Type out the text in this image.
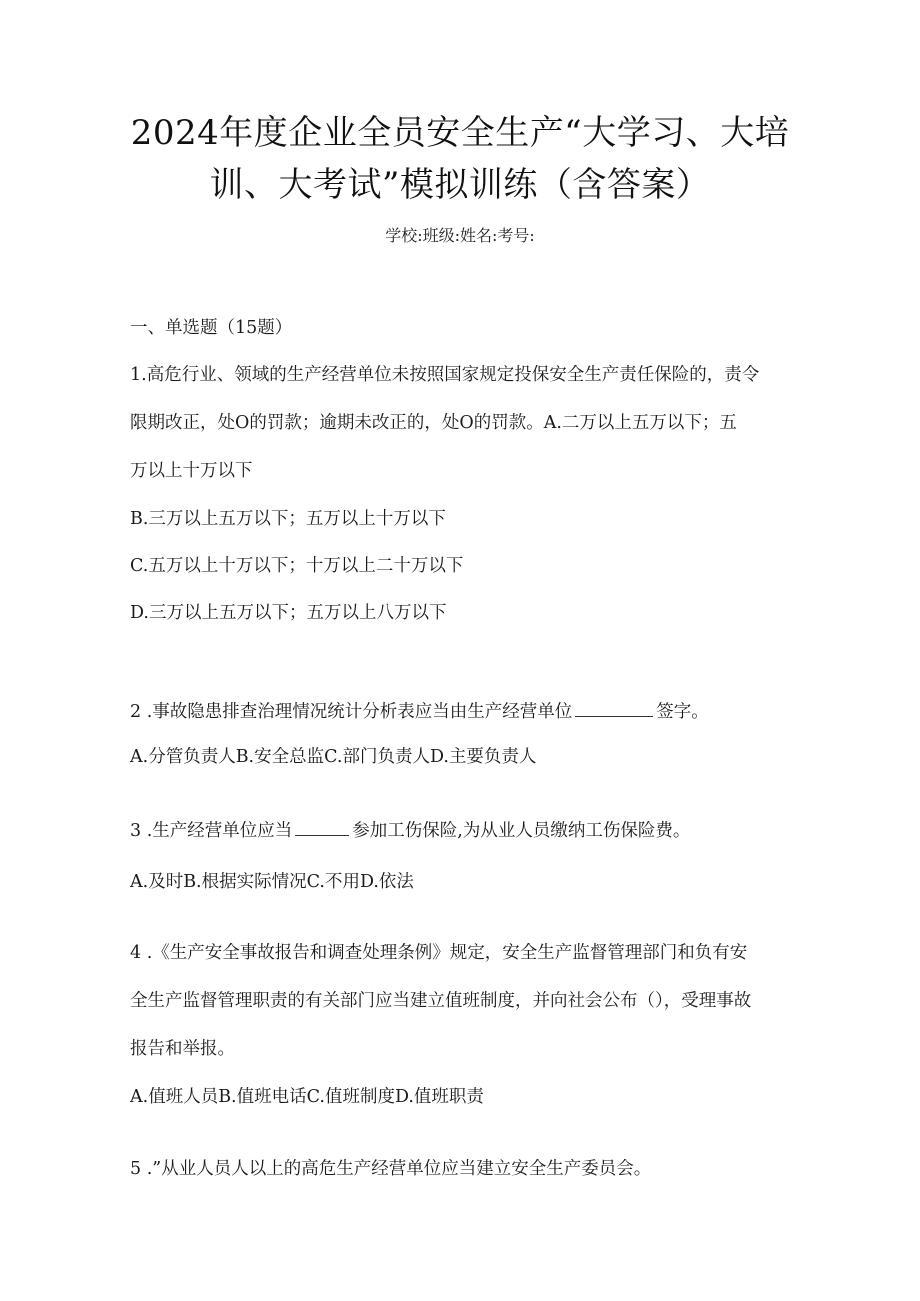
2024年度企业全员安全生产“大学习、大培
训、大考试”模拟训练（含答案）
学校:班级:姓名:考号:
一、单选题（15题）
1.高危行业、领域的生产经营单位未按照国家规定投保安全生产责任保险的，责令
限期改正，处O的罚款；逾期未改正的，处O的罚款。A.二万以上五万以下；五
万以上十万以下
B.三万以上五万以下；五万以上十万以下
C.五万以上十万以下；十万以上二十万以下
D.三万以上五万以下；五万以上八万以下
2 .事故隐患排查治理情况统计分析表应当由生产经营单位	签字。
A.分管负责人B.安全总监C.部门负责人D.主要负责人
3 .生产经营单位应当	参加工伤保险,为从业人员缴纳工伤保险费。
A.及时B.根据实际情况C.不用D.依法
4 .《生产安全事故报告和调查处理条例》规定，安全生产监督管理部门和负有安
全生产监督管理职责的有关部门应当建立值班制度，并向社会公布（），受理事故
报告和举报。
A.值班人员B.值班电话C.值班制度D.值班职责
5 .”从业人员人以上的高危生产经营单位应当建立安全生产委员会。
